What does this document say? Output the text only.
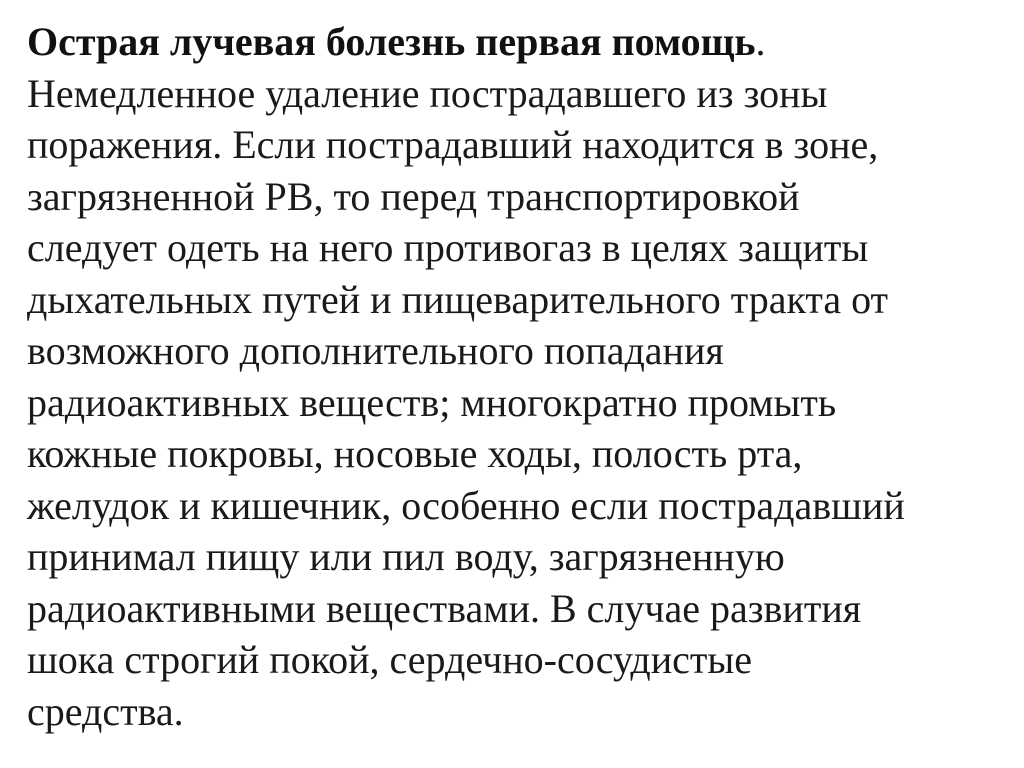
Острая лучевая болезнь первая помощь.
Немедленное удаление пострадавшего из зоны
поражения. Если пострадавший находится в зоне,
загрязненной РВ, то перед транспортировкой
следует одеть на него противогаз в целях защиты
дыхательных путей и пищеварительного тракта от
возможного дополнительного попадания
радиоактивных веществ; многократно промыть
кожные покровы, носовые ходы, полость рта,
желудок и кишечник, особенно если пострадавший
принимал пищу или пил воду, загрязненную
радиоактивными веществами. В случае развития
шока строгий покой, сердечно-сосудистые
средства.
